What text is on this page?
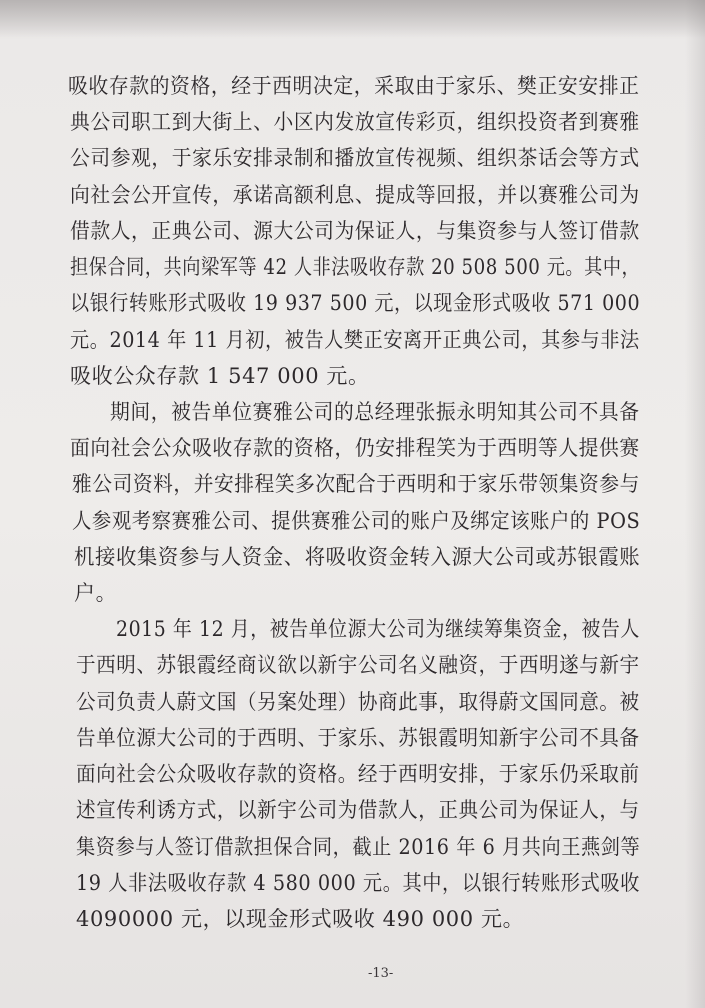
吸收存款的资格，经于西明决定，采取由于家乐、樊正安安排正
典公司职工到大街上、小区内发放宣传彩页，组织投资者到赛雅
公司参观，于家乐安排录制和播放宣传视频、组织茶话会等方式
向社会公开宣传，承诺高额利息、提成等回报，并以赛雅公司为
借款人，正典公司、源大公司为保证人，与集资参与人签订借款
担保合同，共向梁军等 42 人非法吸收存款 20 508 500 元。其中，
以银行转账形式吸收 19 937 500 元，以现金形式吸收 571 000
元。2014 年 11 月初，被告人樊正安离开正典公司，其参与非法
吸收公众存款 1 547 000 元。
期间，被告单位赛雅公司的总经理张振永明知其公司不具备
面向社会公众吸收存款的资格，仍安排程笑为于西明等人提供赛
雅公司资料，并安排程笑多次配合于西明和于家乐带领集资参与
人参观考察赛雅公司、提供赛雅公司的账户及绑定该账户的 POS
机接收集资参与人资金、将吸收资金转入源大公司或苏银霞账
户。
2015 年 12 月，被告单位源大公司为继续筹集资金，被告人
于西明、苏银霞经商议欲以新宇公司名义融资，于西明遂与新宇
公司负责人蔚文国（另案处理）协商此事，取得蔚文国同意。被
告单位源大公司的于西明、于家乐、苏银霞明知新宇公司不具备
面向社会公众吸收存款的资格。经于西明安排，于家乐仍采取前
述宣传利诱方式，以新宇公司为借款人，正典公司为保证人，与
集资参与人签订借款担保合同，截止 2016 年 6 月共向王燕剑等
19 人非法吸收存款 4 580 000 元。其中，以银行转账形式吸收
4090000 元，以现金形式吸收 490 000 元。
-13-
